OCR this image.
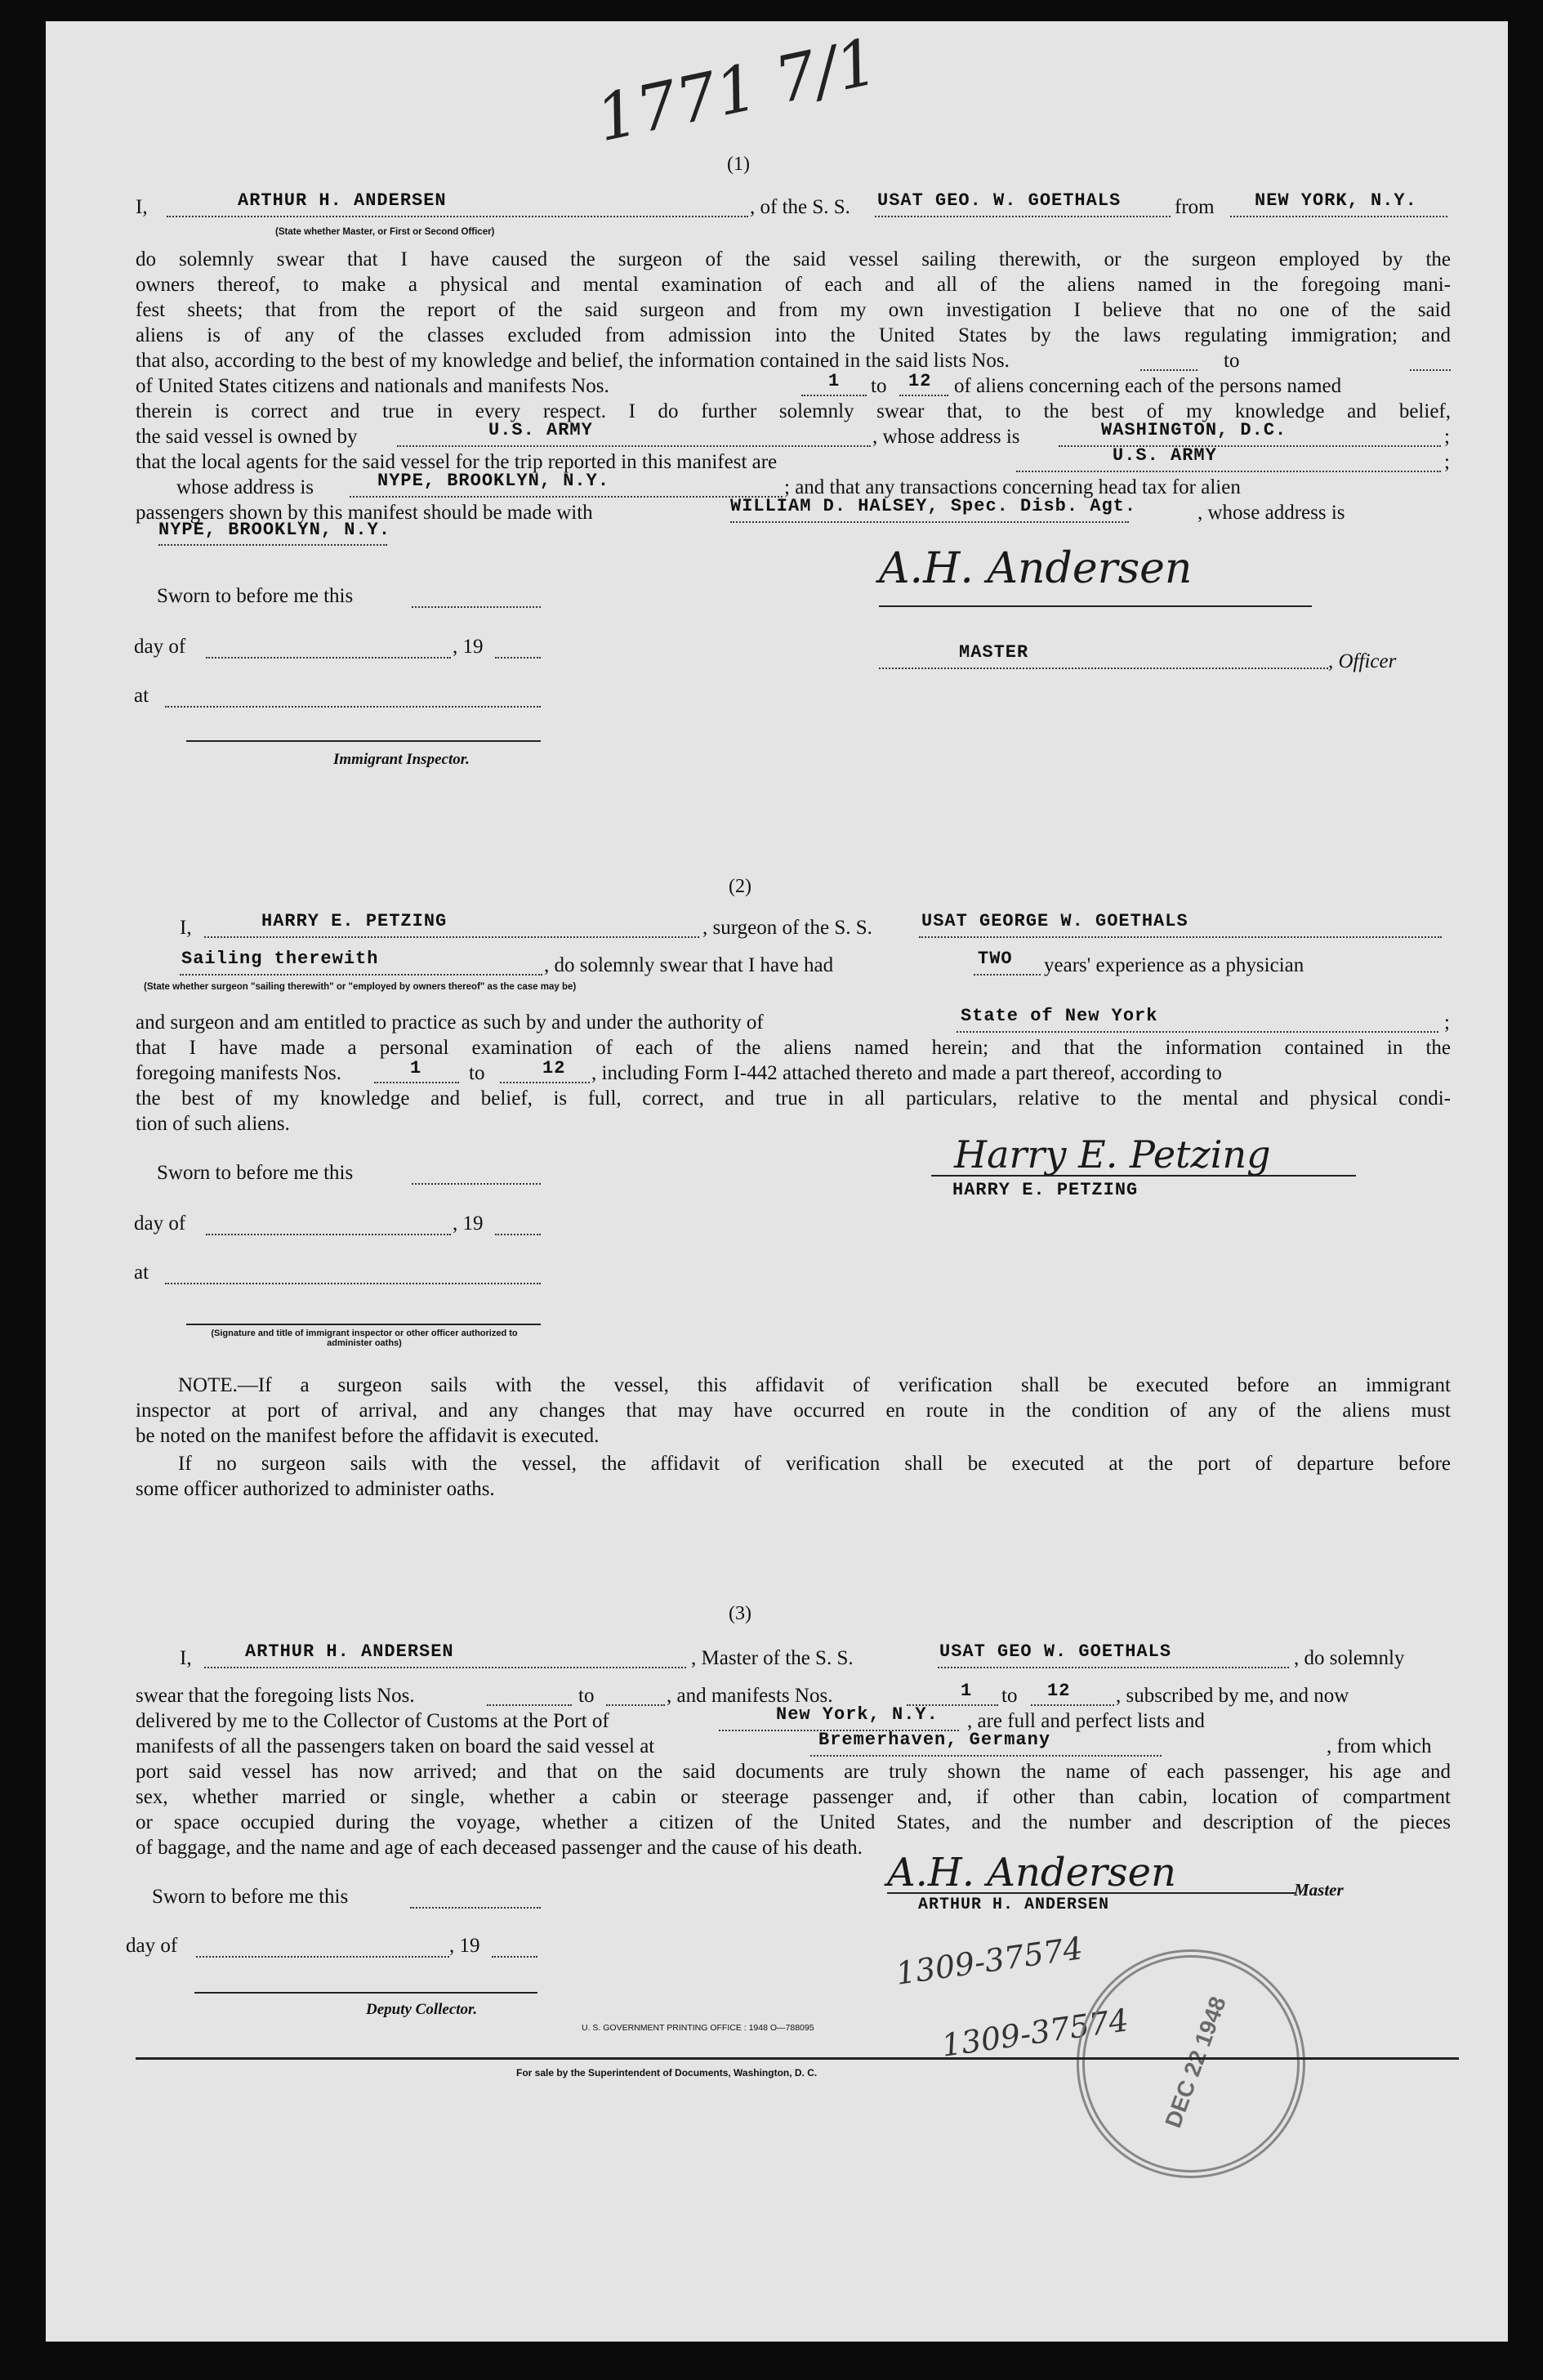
1771 7/1
(1)
I,	ARTHUR H. ANDERSEN	, of the S. S. USAT GEO. W. GOETHALS	from NEW YORK, N.Y.
(State whether Master, or First or Second Officer)
do solemnly swear that I have caused the surgeon of the said vessel sailing therewith, or the surgeon employed by the
owners thereof, to make a physical and mental examination of each and all of the aliens named in the foregoing mani-
fest sheets; that from the report of the said surgeon and from my own investigation I believe that no one of the said
aliens is of any of the classes excluded from admission into the United States by the laws regulating immigration; and
that also, according to the best of my knowledge and belief, the information contained in the said lists Nos.	to
of United States citizens and nationals and manifests Nos.	1 to 12 of aliens concerning each of the persons named
therein is correct and true in every respect. I do further solemnly swear that, to the best of my knowledge and belief,
the said vessel is owned by	U.S. ARMY	, whose address is	WASHINGTON, D.C.	;
that the local agents for the said vessel for the trip reported in this manifest are	U.S. ARMY	;
whose address is	NYPE, BROOKLYN, N.Y.	; and that any transactions concerning head tax for alien
passengers shown by this manifest should be made with	WILLIAM D. HALSEY, Spec. Disb. Agt.	, whose address is
NYPE, BROOKLYN, N.Y.
Sworn to before me this
day of	, 19
at
Immigrant Inspector.
A.H. Andersen
MASTER	, Officer
(2)
I,	HARRY E. PETZING	, surgeon of the S. S.	USAT GEORGE W. GOETHALS
Sailing therewith	, do solemnly swear that I have had	TWO years' experience as a physician
(State whether surgeon "sailing therewith" or "employed by owners thereof" as the case may be)
and surgeon and am entitled to practice as such by and under the authority of	State of New York	;
that I have made a personal examination of each of the aliens named herein; and that the information contained in the
foregoing manifests Nos.	1 to	12 , including Form I-442 attached thereto and made a part thereof, according to
the best of my knowledge and belief, is full, correct, and true in all particulars, relative to the mental and physical condi-
tion of such aliens.
Sworn to before me this
day of	, 19
at
(Signature and title of immigrant inspector or other officer authorized to administer oaths)
Harry E. Petzing
HARRY E. PETZING
NOTE.—If a surgeon sails with the vessel, this affidavit of verification shall be executed before an immigrant
inspector at port of arrival, and any changes that may have occurred en route in the condition of any of the aliens must
be noted on the manifest before the affidavit is executed.
If no surgeon sails with the vessel, the affidavit of verification shall be executed at the port of departure before
some officer authorized to administer oaths.
(3)
I,	ARTHUR H. ANDERSEN	, Master of the S. S.	USAT GEO W. GOETHALS	, do solemnly
swear that the foregoing lists Nos.	to	, and manifests Nos.	1 to 12 , subscribed by me, and now
delivered by me to the Collector of Customs at the Port of	New York, N.Y. , are full and perfect lists and
manifests of all the passengers taken on board the said vessel at	Bremerhaven, Germany	, from which
port said vessel has now arrived; and that on the said documents are truly shown the name of each passenger, his age and
sex, whether married or single, whether a cabin or steerage passenger and, if other than cabin, location of compartment
or space occupied during the voyage, whether a citizen of the United States, and the number and description of the pieces
of baggage, and the name and age of each deceased passenger and the cause of his death.
Sworn to before me this
day of	, 19
Deputy Collector.
A.H. Andersen	Master
ARTHUR H. ANDERSEN
1309-37574
1309-37574 DEC 22 1948
U. S. GOVERNMENT PRINTING OFFICE : 1948 O—788095
For sale by the Superintendent of Documents, Washington, D. C.
